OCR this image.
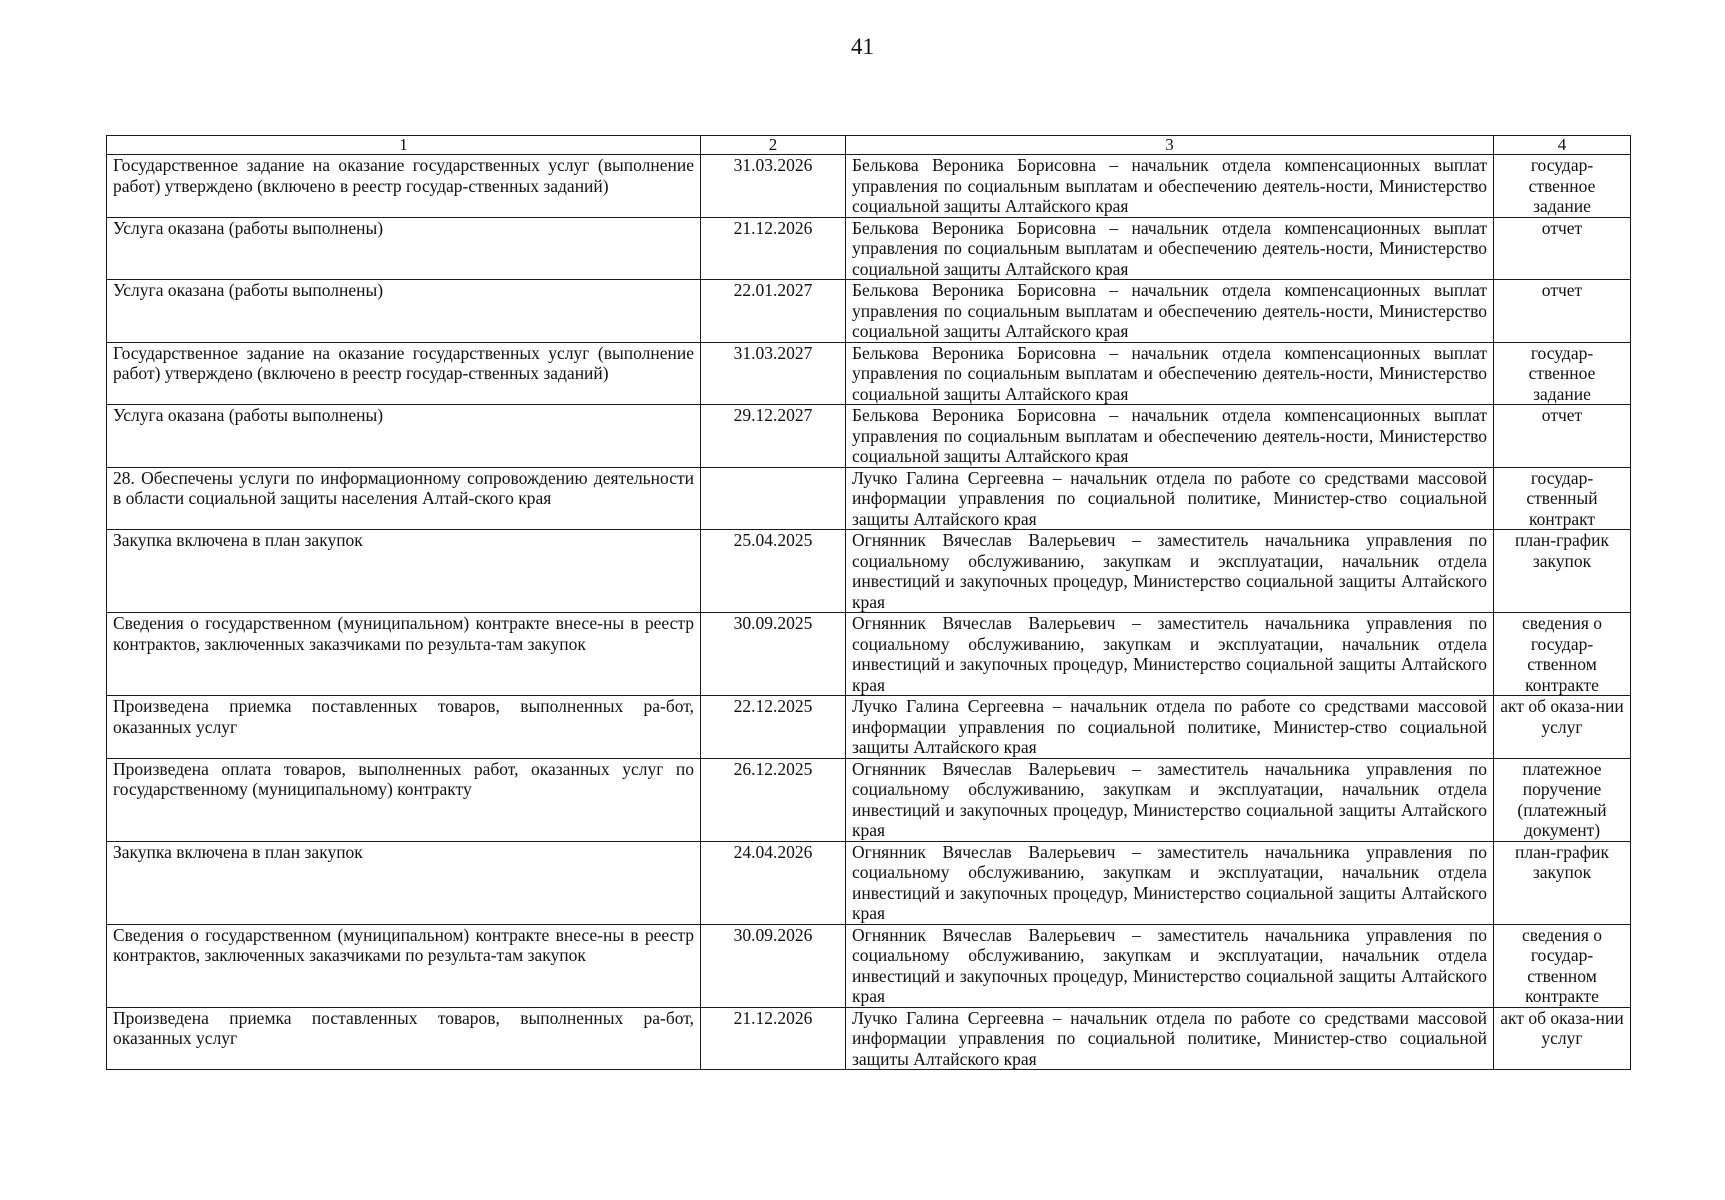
41
1	2	3	4
Государственное задание на оказание государственных услуг (выполнение работ) утверждено (включено в реестр государ-ственных заданий)	31.03.2026	Белькова Вероника Борисовна – начальник отдела компенсационных выплат управления по социальным выплатам и обеспечению деятель-ности, Министерство социальной защиты Алтайского края	государ-ственное задание
Услуга оказана (работы выполнены)	21.12.2026	Белькова Вероника Борисовна – начальник отдела компенсационных выплат управления по социальным выплатам и обеспечению деятель-ности, Министерство социальной защиты Алтайского края	отчет
Услуга оказана (работы выполнены)	22.01.2027	Белькова Вероника Борисовна – начальник отдела компенсационных выплат управления по социальным выплатам и обеспечению деятель-ности, Министерство социальной защиты Алтайского края	отчет
Государственное задание на оказание государственных услуг (выполнение работ) утверждено (включено в реестр государ-ственных заданий)	31.03.2027	Белькова Вероника Борисовна – начальник отдела компенсационных выплат управления по социальным выплатам и обеспечению деятель-ности, Министерство социальной защиты Алтайского края	государ-ственное задание
Услуга оказана (работы выполнены)	29.12.2027	Белькова Вероника Борисовна – начальник отдела компенсационных выплат управления по социальным выплатам и обеспечению деятель-ности, Министерство социальной защиты Алтайского края	отчет
28. Обеспечены услуги по информационному сопровождению деятельности в области социальной защиты населения Алтай-ского края		Лучко Галина Сергеевна – начальник отдела по работе со средствами массовой информации управления по социальной политике, Министер-ство социальной защиты Алтайского края	государ-ственный контракт
Закупка включена в план закупок	25.04.2025	Огнянник Вячеслав Валерьевич – заместитель начальника управления по социальному обслуживанию, закупкам и эксплуатации, начальник отдела инвестиций и закупочных процедур, Министерство социальной защиты Алтайского края	план-график закупок
Сведения о государственном (муниципальном) контракте внесе-ны в реестр контрактов, заключенных заказчиками по результа-там закупок	30.09.2025	Огнянник Вячеслав Валерьевич – заместитель начальника управления по социальному обслуживанию, закупкам и эксплуатации, начальник отдела инвестиций и закупочных процедур, Министерство социальной защиты Алтайского края	сведения о государ-ственном контракте
Произведена приемка поставленных товаров, выполненных ра-бот, оказанных услуг	22.12.2025	Лучко Галина Сергеевна – начальник отдела по работе со средствами массовой информации управления по социальной политике, Министер-ство социальной защиты Алтайского края	акт об оказа-нии услуг
Произведена оплата товаров, выполненных работ, оказанных услуг по государственному (муниципальному) контракту	26.12.2025	Огнянник Вячеслав Валерьевич – заместитель начальника управления по социальному обслуживанию, закупкам и эксплуатации, начальник отдела инвестиций и закупочных процедур, Министерство социальной защиты Алтайского края	платежное поручение (платежный документ)
Закупка включена в план закупок	24.04.2026	Огнянник Вячеслав Валерьевич – заместитель начальника управления по социальному обслуживанию, закупкам и эксплуатации, начальник отдела инвестиций и закупочных процедур, Министерство социальной защиты Алтайского края	план-график закупок
Сведения о государственном (муниципальном) контракте внесе-ны в реестр контрактов, заключенных заказчиками по результа-там закупок	30.09.2026	Огнянник Вячеслав Валерьевич – заместитель начальника управления по социальному обслуживанию, закупкам и эксплуатации, начальник отдела инвестиций и закупочных процедур, Министерство социальной защиты Алтайского края	сведения о государ-ственном контракте
Произведена приемка поставленных товаров, выполненных ра-бот, оказанных услуг	21.12.2026	Лучко Галина Сергеевна – начальник отдела по работе со средствами массовой информации управления по социальной политике, Министер-ство социальной защиты Алтайского края	акт об оказа-нии услуг
